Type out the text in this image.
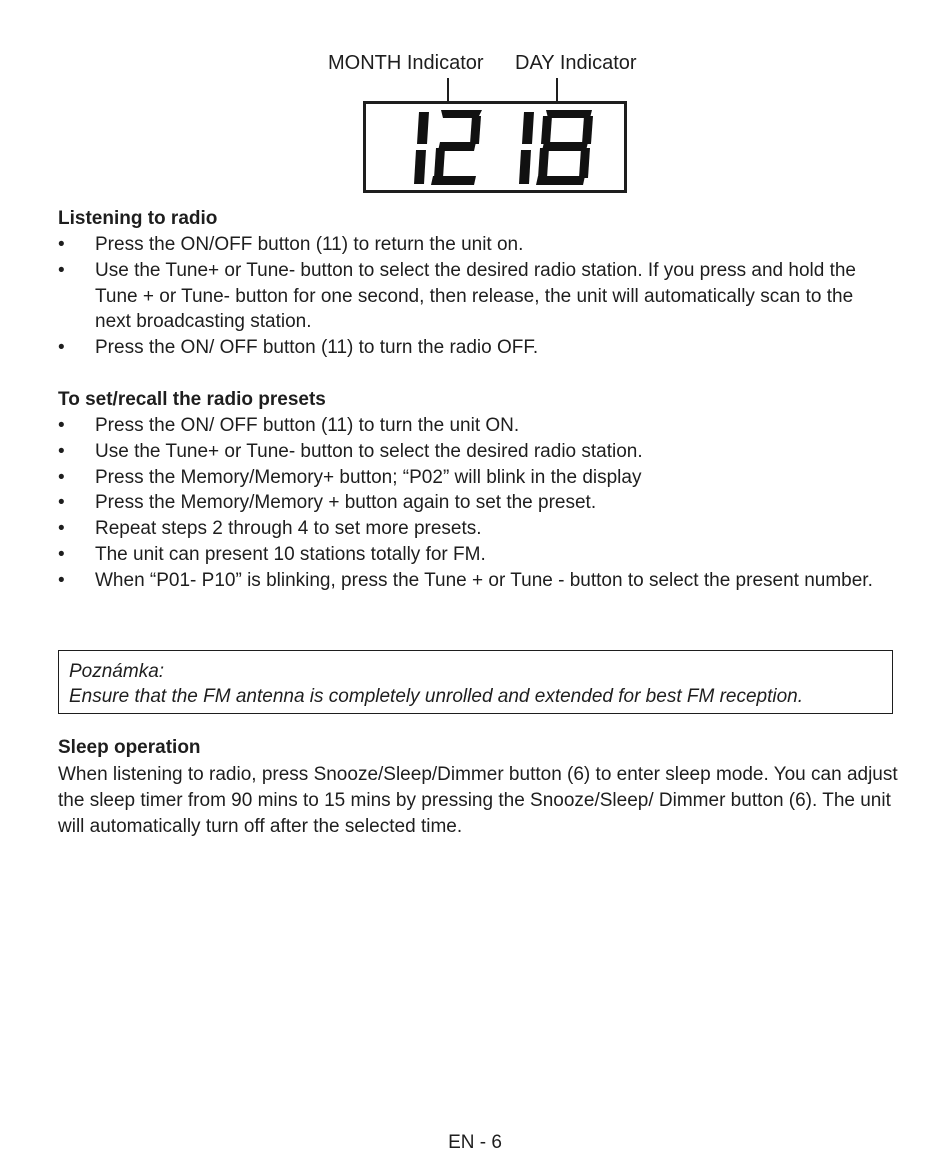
MONTH Indicator DAY Indicator
Listening to radio
• Press the ON/OFF button (11) to return the unit on.
• Use the Tune+ or Tune- button to select the desired radio station. If you press and hold the Tune + or Tune- button for one second, then release, the unit will automatically scan to the next broadcasting station.
• Press the ON/ OFF button (11) to turn the radio OFF.
To set/recall the radio presets
• Press the ON/ OFF button (11) to turn the unit ON.
• Use the Tune+ or Tune- button to select the desired radio station.
• Press the Memory/Memory+ button; “P02” will blink in the display
• Press the Memory/Memory + button again to set the preset.
• Repeat steps 2 through 4 to set more presets.
• The unit can present 10 stations totally for FM.
• When “P01- P10” is blinking, press the Tune + or Tune - button to select the present number.
Poznámka:
Ensure that the FM antenna is completely unrolled and extended for best FM reception.
Sleep operation

When listening to radio, press Snooze/Sleep/Dimmer button (6) to enter sleep mode. You can adjust the sleep timer from 90 mins to 15 mins by pressing the Snooze/Sleep/ Dimmer button (6). The unit will automatically turn off after the selected time.

EN - 6
